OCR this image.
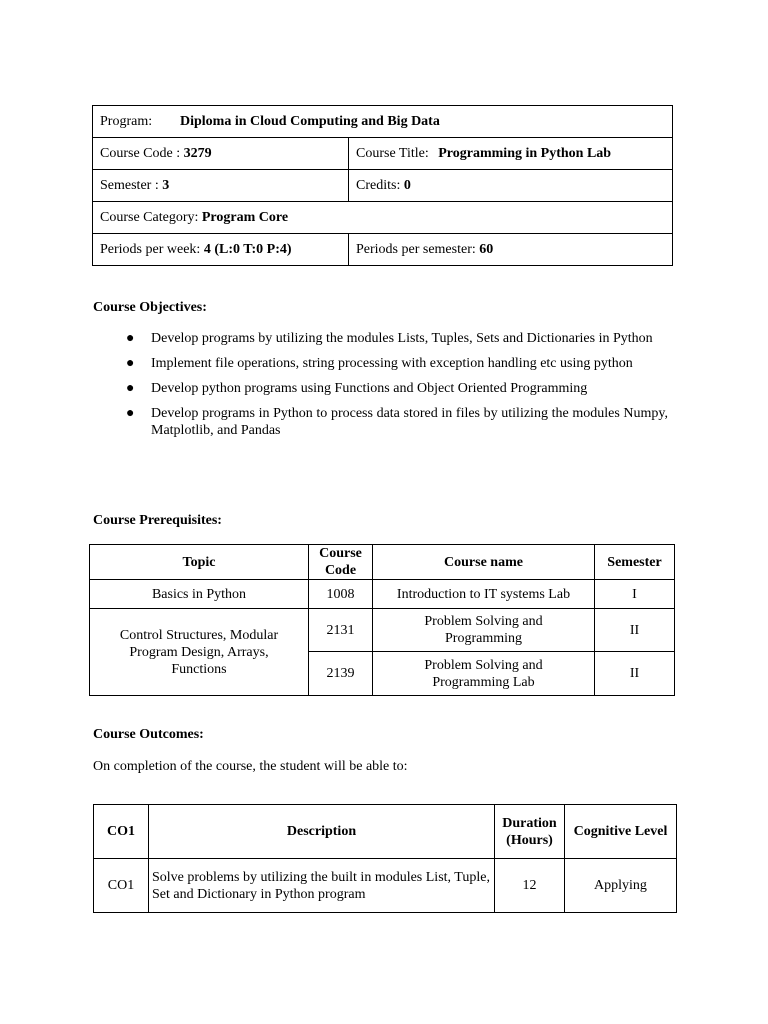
Program: Diploma in Cloud Computing and Big Data	
Course Code : 3279	Course Title: Programming in Python Lab
Semester : 3	Credits: 0
Course Category: Program Core	
Periods per week: 4 (L:0 T:0 P:4)	Periods per semester: 60
Course Objectives:
● Develop programs by utilizing the modules Lists, Tuples, Sets and Dictionaries in Python
● Implement file operations, string processing with exception handling etc using python
● Develop python programs using Functions and Object Oriented Programming
● Develop programs in Python to process data stored in files by utilizing the modules Numpy, Matplotlib, and Pandas
Course Prerequisites:
Topic	Course Code	Course name	Semester
Basics in Python	1008	Introduction to IT systems Lab	I
Control Structures, Modular Program Design, Arrays, Functions	2131	Problem Solving and Programming	II
	2139	Problem Solving and Programming Lab	II
Course Outcomes:
On completion of the course, the student will be able to:
CO1	Description	Duration (Hours)	Cognitive Level
CO1	Solve problems by utilizing the built in modules List, Tuple, Set and Dictionary in Python program	12	Applying
